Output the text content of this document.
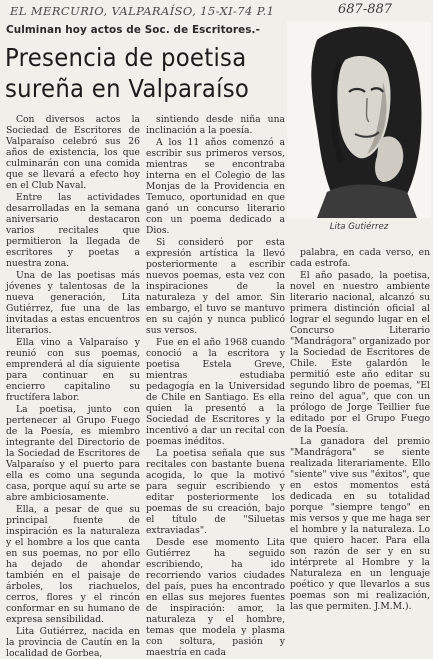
EL MERCURIO, VALPARAÍSO, 15-XI-74 P.1	687-887
Culminan hoy actos de Soc. de Escritores.-
Presencia de poetisa
sureña en Valparaíso
Lita Gutiérrez

Con diversos actos la Sociedad de Escritores de Valparaíso celebró sus 26 años de existencia, los que culminarán con una comida que se llevará a efecto hoy en el Club Naval.

Entre las actividades desarrolladas en la semana aniversario destacaron varios recitales que permitieron la llegada de escritores y poetas a nuestra zona.

Una de las poetisas más jóvenes y talentosas de la nueva generación, Lita Gutiérrez, fue una de las invitadas a estas encuentros literarios.

Ella vino a Valparaíso y reunió con sus poemas, emprenderá al día siguiente para continuar en su encierro capitalino su fructífera labor.

La poetisa, junto con pertenecer al Grupo Fuego de la Poesía, es miembro integrante del Directorio de la Sociedad de Escritores de Valparaíso y el puerto para ella es como una segunda casa, porque aquí su arte se abre ambiciosamente.

Ella, a pesar de que su principal fuente de inspiración es la naturaleza y el hombre a los que canta en sus poemas, no por ello ha dejado de ahondar también en el paisaje de árboles, los riachuelos, cerros, flores y el rincón conformar en su humano de expresa sensibilidad.

Lita Gutiérrez, nacida en la provincia de Cautín en la localidad de Gorbea,

sintiendo desde niña una inclinación a la poesía.

A los 11 años comenzó a escribir sus primeros versos, mientras se encontraba interna en el Colegio de las Monjas de la Providencia en Temuco, oportunidad en que ganó un concurso literario con un poema dedicado a Dios.

Si consideró por esta expresión artística la llevó posteriormente a escribir nuevos poemas, esta vez con inspiraciones de la naturaleza y del amor. Sin embargo, el tuvo se mantuvo en su cajón y nunca publicó sus versos.

Fue en el año 1968 cuando conoció a la escritora y poetisa Estela Greve, mientras estudiaba pedagogía en la Universidad de Chile en Santiago. Es ella quien la presentó a la Sociedad de Escritores y la incentivó a dar un recital con poemas inéditos.

La poetisa señala que sus recitales con bastante buena acogida, lo que la motivó para seguir escribiendo y editar posteriormente los poemas de su creación, bajo el título de "Siluetas extraviadas".

Desde ese momento Lita Gutiérrez ha seguido escribiendo, ha ido recorriendo varios ciudades del país, pues ha encontrado en ellas sus mejores fuentes de inspiración: amor, la naturaleza y el hombre, temas que modela y plasma con soltura, pasión y maestría en cada

palabra, en cada verso, en cada estrofa.

El año pasado, la poetisa, novel en nuestro ambiente literario nacional, alcanzó su primera distinción oficial al lograr el segundo lugar en el Concurso Literario "Mandrágora" organizado por la Sociedad de Escritores de Chile. Este galardón le permitió este año editar su segundo libro de poemas, "El reino del agua", que con un prólogo de Jorge Teillier fue editado por el Grupo Fuego de la Poesía.

La ganadora del premio "Mandrágora" se siente realizada literariamente. Ello "siente" vive sus "éxitos", que en estos momentos está dedicada en su totalidad porque "siempre tengo" en mis versos y que me haga ser el hombre y la naturaleza. Lo que quiero hacer. Para ella son razón de ser y en su intérprete al Hombre y la Naturaleza en un lenguaje poético y que llevarlos a sus poemas son mi realización, las que permiten. J.M.M.).
